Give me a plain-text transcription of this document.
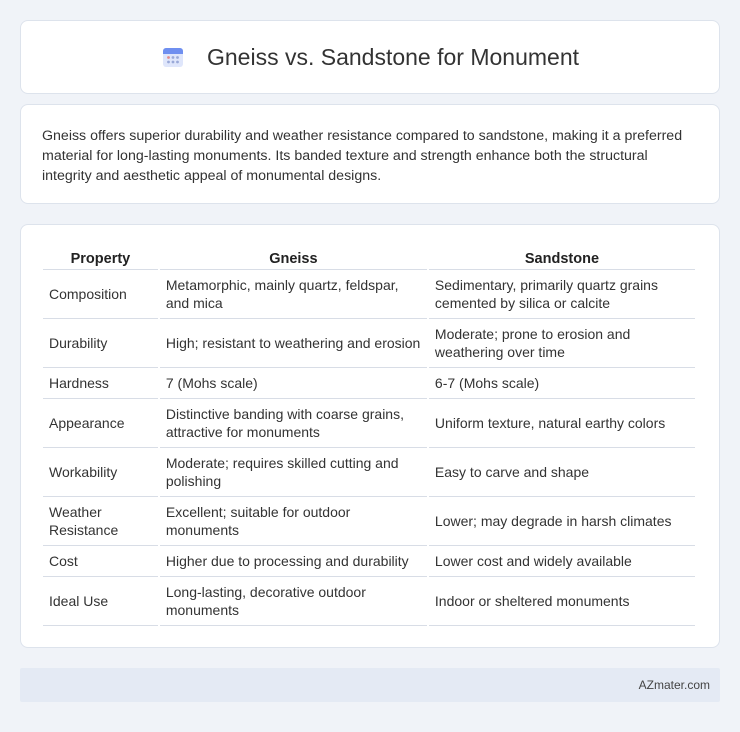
Gneiss vs. Sandstone for Monument

Gneiss offers superior durability and weather resistance compared to sandstone, making it a preferred material for long-lasting monuments. Its banded texture and strength enhance both the structural integrity and aesthetic appeal of monumental designs.

Property	Gneiss	Sandstone
Composition	Metamorphic, mainly quartz, feldspar, and mica	Sedimentary, primarily quartz grains cemented by silica or calcite
Durability	High; resistant to weathering and erosion	Moderate; prone to erosion and weathering over time
Hardness	7 (Mohs scale)	6-7 (Mohs scale)
Appearance	Distinctive banding with coarse grains, attractive for monuments	Uniform texture, natural earthy colors
Workability	Moderate; requires skilled cutting and polishing	Easy to carve and shape
Weather Resistance	Excellent; suitable for outdoor monuments	Lower; may degrade in harsh climates
Cost	Higher due to processing and durability	Lower cost and widely available
Ideal Use	Long-lasting, decorative outdoor monuments	Indoor or sheltered monuments
AZmater.com
